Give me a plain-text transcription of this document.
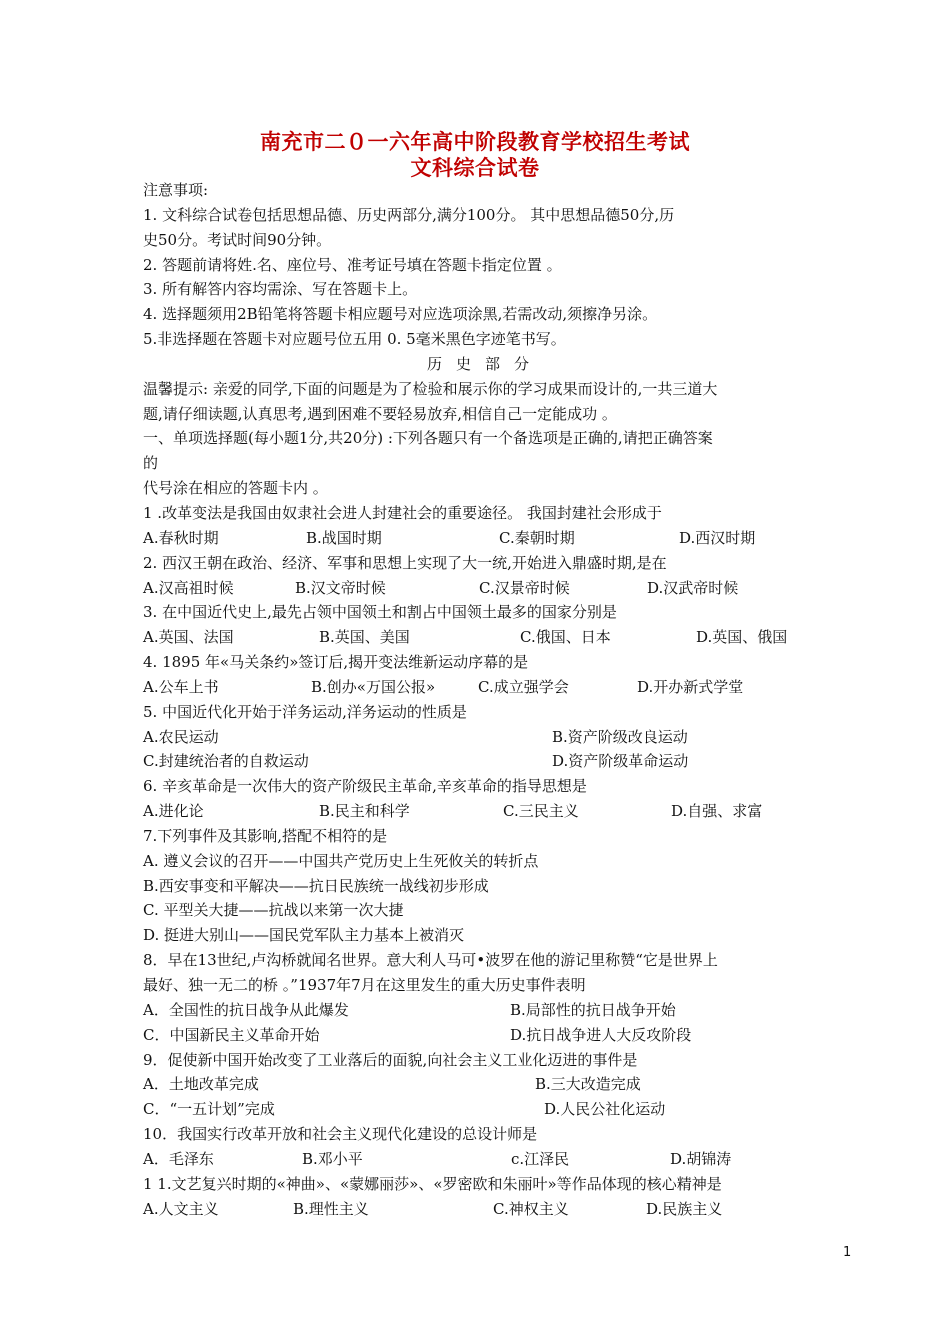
南充市二０一六年高中阶段教育学校招生考试
文科综合试卷
注意事项:
1. 文科综合试卷包括思想品德、历史两部分,满分100分。 其中思想品德50分,历
史50分。考试时间90分钟。
2. 答题前请将姓.名、座位号、准考证号填在答题卡指定位置 。
3. 所有解答内容均需涂、写在答题卡上。
4. 选择题须用2B铅笔将答题卡相应题号对应选项涂黑,若需改动,须擦净另涂。
5.非选择题在答题卡对应题号位五用 0. 5毫米黑色字迹笔书写。
历史部分
温馨提示: 亲爱的同学,下面的问题是为了检验和展示你的学习成果而设计的,一共三道大
题,请仔细读题,认真思考,遇到困难不要轻易放弃,相信自己一定能成功 。
一、单项选择题(每小题1分,共20分) :下列各题只有一个备选项是正确的,请把正确答案
的
代号涂在相应的答题卡内 。
1 .改革变法是我国由奴隶社会进人封建社会的重要途径。 我国封建社会形成于
A.春秋时期	B.战国时期	C.秦朝时期	D.西汉时期
2. 西汉王朝在政治、经济、军事和思想上实现了大一统,开始进入鼎盛时期,是在
A.汉高祖时候	B.汉文帝时候	C.汉景帝时候	D.汉武帝时候
3. 在中国近代史上,最先占领中国领土和割占中国领土最多的国家分别是
A.英国、法国	B.英国、美国	C.俄国、日本	D.英国、俄国
4. 1895 年«马关条约»签订后,揭开变法维新运动序幕的是
A.公车上书	B.创办«万国公报»	C.成立强学会	D.开办新式学堂
5. 中国近代化开始于洋务运动,洋务运动的性质是
A.农民运动	B.资产阶级改良运动
C.封建统治者的自救运动	D.资产阶级革命运动
6. 辛亥革命是一次伟大的资产阶级民主革命,辛亥革命的指导思想是
A.进化论	B.民主和科学	C.三民主义	D.自强、求富
7.下列事件及其影响,搭配不相符的是
A. 遵义会议的召开——中国共产党历史上生死攸关的转折点
B.西安事变和平解决——抗日民族统一战线初步形成
C. 平型关大捷——抗战以来第一次大捷
D. 挺进大别山——国民党军队主力基本上被消灭
8．早在13世纪,卢沟桥就闻名世界。意大利人马可•波罗在他的游记里称赞“它是世界上
最好、独一无二的桥 。”1937年7月在这里发生的重大历史事件表明
A．全国性的抗日战争从此爆发	B.局部性的抗日战争开始
C．中国新民主义革命开始	D.抗日战争进人大反攻阶段
9．促使新中国开始改变了工业落后的面貌,向社会主义工业化迈进的事件是
A．土地改革完成	B.三大改造完成
C．“一五计划”完成	D.人民公社化运动
10．我国实行改革开放和社会主义现代化建设的总设计师是
A．毛泽东	B.邓小平	c.江泽民	D.胡锦涛
1 1.文艺复兴时期的«神曲»、«蒙娜丽莎»、«罗密欧和朱丽叶»等作品体现的核心精神是
A.人文主义	B.理性主义	C.神权主义	D.民族主义
1
